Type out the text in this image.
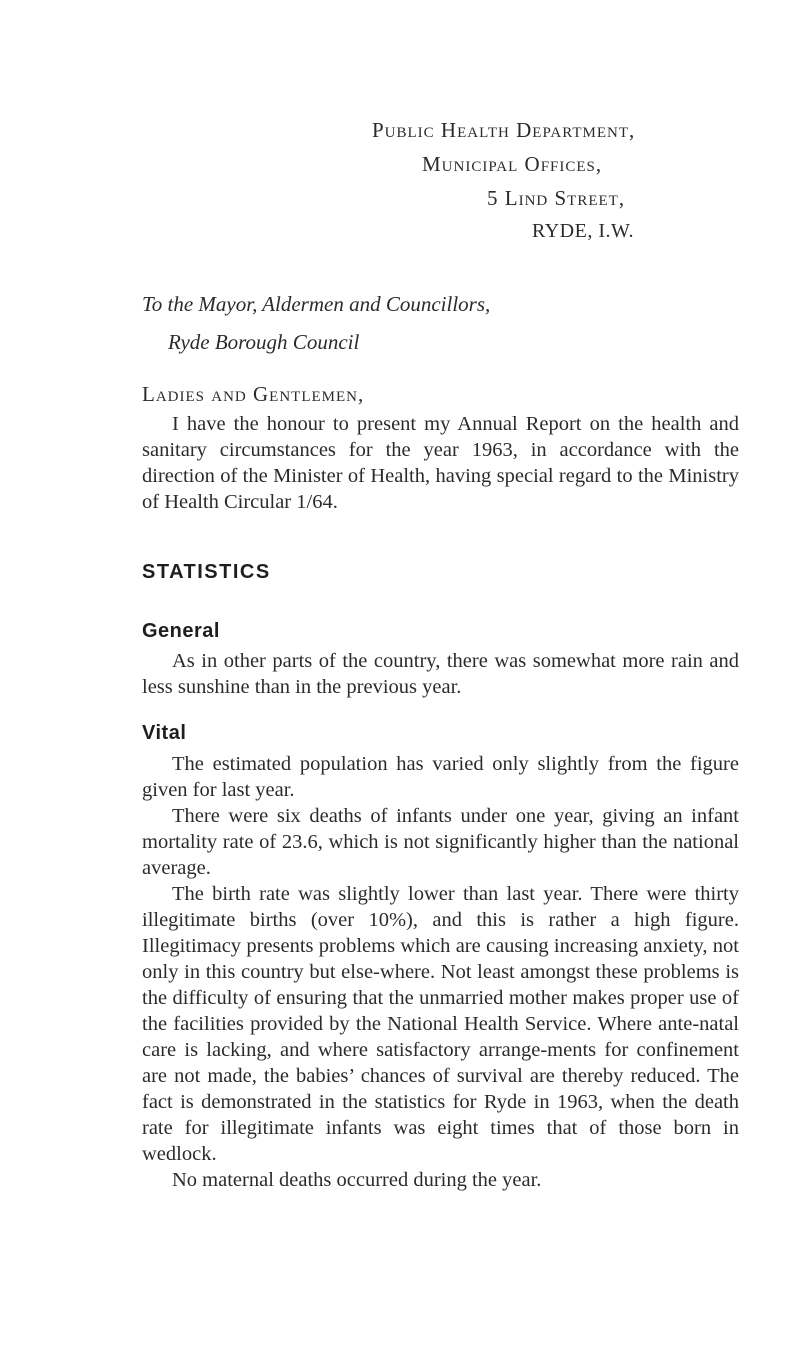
Public Health Department,
Municipal Offices,
5 Lind Street,
RYDE, I.W.
To the Mayor, Aldermen and Councillors,
Ryde Borough Council
Ladies and Gentlemen,

I have the honour to present my Annual Report on the health and sanitary circumstances for the year 1963, in accordance with the direction of the Minister of Health, having special regard to the Ministry of Health Circular 1/64.

STATISTICS
General

As in other parts of the country, there was somewhat more rain and less sunshine than in the previous year.

Vital

The estimated population has varied only slightly from the figure given for last year.

There were six deaths of infants under one year, giving an infant mortality rate of 23.6, which is not significantly higher than the national average.

The birth rate was slightly lower than last year. There were thirty illegitimate births (over 10%), and this is rather a high figure. Illegitimacy presents problems which are causing increasing anxiety, not only in this country but else-where. Not least amongst these problems is the difficulty of ensuring that the unmarried mother makes proper use of the facilities provided by the National Health Service. Where ante-natal care is lacking, and where satisfactory arrange-ments for confinement are not made, the babies’ chances of survival are thereby reduced. The fact is demonstrated in the statistics for Ryde in 1963, when the death rate for illegitimate infants was eight times that of those born in wedlock.

No maternal deaths occurred during the year.
